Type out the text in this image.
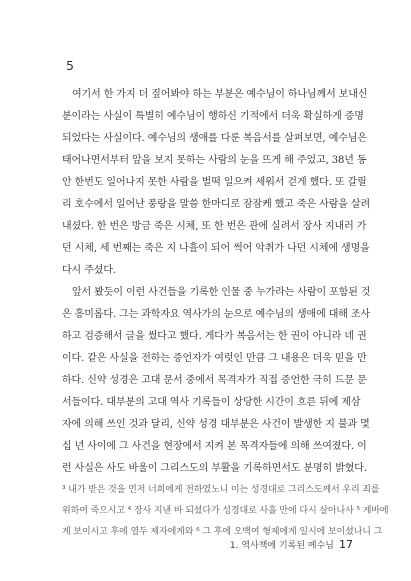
5
여기서 한 가지 더 짚어봐야 하는 부분은 예수님이 하나님께서 보내신
분이라는 사실이 특별히 예수님이 행하신 기적에서 더욱 확실하게 증명
되었다는 사실이다. 예수님의 생애를 다룬 복음서를 살펴보면, 예수님은
태어나면서부터 앞을 보지 못하는 사람의 눈을 뜨게 해 주었고, 38년 동
안 한번도 일어나지 못한 사람을 벌떡 일으켜 세워서 걷게 했다. 또 갈릴
리 호수에서 일어난 풍랑을 말씀 한마디로 잠잠케 했고 죽은 사람을 살려
내셨다. 한 번은 방금 죽은 시체, 또 한 번은 관에 실려서 장사 지내러 가
던 시체, 세 번째는 죽은 지 나흘이 되어 썩어 악취가 나던 시체에 생명을
다시 주셨다.
앞서 봤듯이 이런 사건들을 기록한 인물 중 누가라는 사람이 포함된 것
은 흥미롭다. 그는 과학자요 역사가의 눈으로 예수님의 생애에 대해 조사
하고 검증해서 글을 썼다고 했다. 게다가 복음서는 한 권이 아니라 네 권
이다. 같은 사실을 전하는 증언자가 여럿인 만큼 그 내용은 더욱 믿을 만
하다. 신약 성경은 고대 문서 중에서 목격자가 직접 증언한 극히 드문 문
서들이다. 대부분의 고대 역사 기록들이 상당한 시간이 흐른 뒤에 제삼
자에 의해 쓰인 것과 달리, 신약 성경 대부분은 사건이 발생한 지 불과 몇
십 년 사이에 그 사건을 현장에서 지켜 본 목격자들에 의해 쓰여졌다. 이
런 사실은 사도 바울이 그리스도의 부활을 기록하면서도 분명히 밝혔다.
³ 내가 받은 것을 먼저 너희에게 전하였노니 이는 성경대로 그리스도께서 우리 죄를
위하여 죽으시고 ⁴ 장사 지낸 바 되셨다가 성경대로 사흘 만에 다시 살아나사 ⁵ 게바에
게 보이시고 후에 열두 제자에게와 ⁶ 그 후에 오백여 형제에게 일시에 보이셨나니 그
1. 역사책에 기록된 예수님 17
